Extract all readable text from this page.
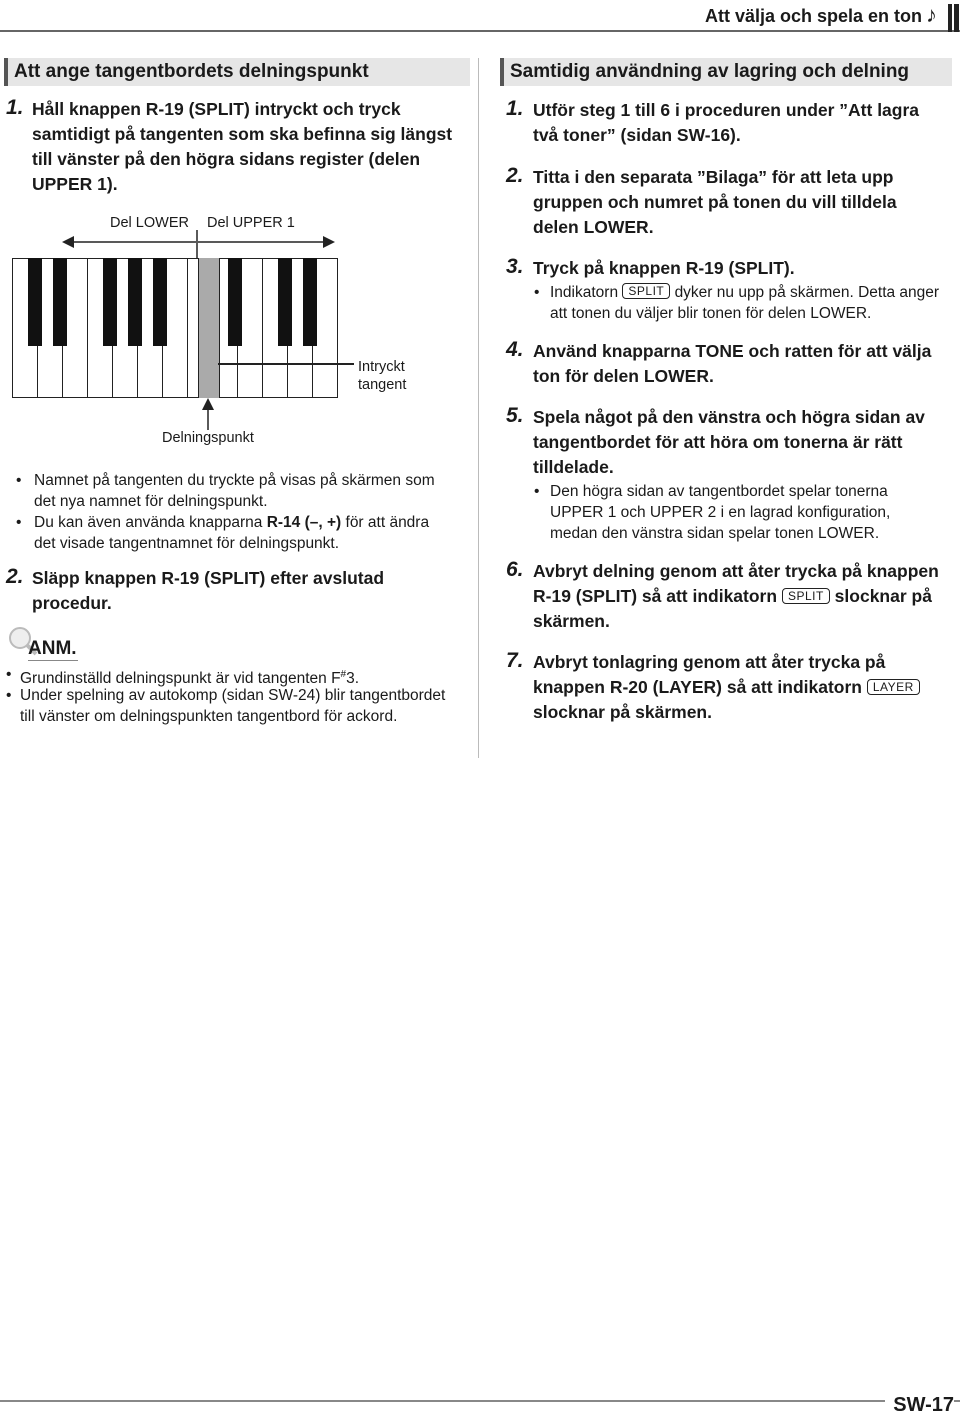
Att välja och spela en ton ♪
Att ange tangentbordets delningspunkt
1. Håll knappen R-19 (SPLIT) intryckt och tryck samtidigt på tangenten som ska befinna sig längst till vänster på den högra sidans register (delen UPPER 1).
Del LOWER Del UPPER 1
Intryckt
tangent
Delningspunkt
• Namnet på tangenten du tryckte på visas på skärmen som det nya namnet för delningspunkt.
• Du kan även använda knapparna R-14 (–, +) för att ändra det visade tangentnamnet för delningspunkt.
2. Släpp knappen R-19 (SPLIT) efter avslutad procedur.
ANM.
• Grundinställd delningspunkt är vid tangenten F#3.
• Under spelning av autokomp (sidan SW-24) blir tangentbordet till vänster om delningspunkten tangentbord för ackord.
Samtidig användning av lagring och delning
1. Utför steg 1 till 6 i proceduren under ”Att lagra två toner” (sidan SW-16).
2. Titta i den separata ”Bilaga” för att leta upp gruppen och numret på tonen du vill tilldela delen LOWER.
3. Tryck på knappen R-19 (SPLIT).
• Indikatorn SPLIT dyker nu upp på skärmen. Detta anger att tonen du väljer blir tonen för delen LOWER.
4. Använd knapparna TONE och ratten för att välja ton för delen LOWER.
5. Spela något på den vänstra och högra sidan av tangentbordet för att höra om tonerna är rätt tilldelade.
• Den högra sidan av tangentbordet spelar tonerna UPPER 1 och UPPER 2 i en lagrad konfiguration, medan den vänstra sidan spelar tonen LOWER.
6. Avbryt delning genom att åter trycka på knappen R-19 (SPLIT) så att indikatorn SPLIT slocknar på skärmen.
7. Avbryt tonlagring genom att åter trycka på knappen R-20 (LAYER) så att indikatorn LAYER slocknar på skärmen.
SW-17
